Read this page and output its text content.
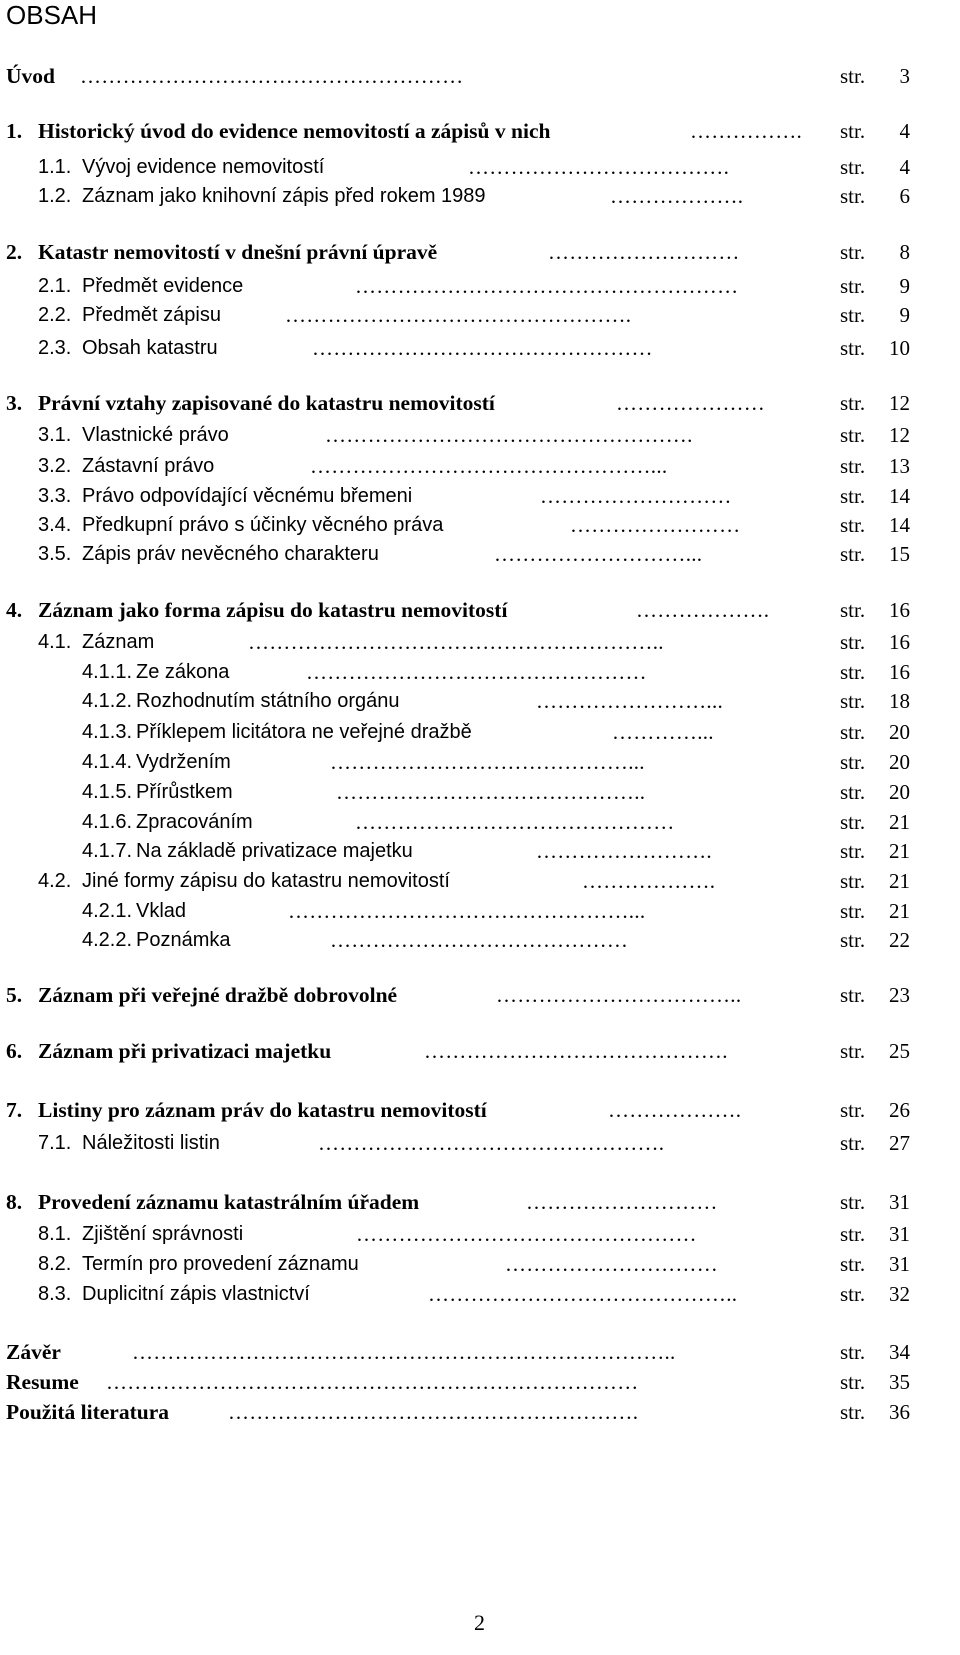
OBSAH
Úvod ………………………………………………	str. 3
1. Historický úvod do evidence nemovitostí a zápisů v nich	……………. str. 4
1.1. Vývoj evidence nemovitostí	……………………………….	str. 4
1.2. Záznam jako knihovní zápis před rokem 1989	……………….	str. 6
2. Katastr nemovitostí v dnešní právní úpravě	………………………	str. 8
2.1. Předmět evidence	………………………………………………	str. 9
2.2. Předmět zápisu	………………………………………….	str. 9
2.3. Obsah katastru	…………………………………………	str. 10
3. Právní vztahy zapisované do katastru nemovitostí	…………………	str. 12
3.1. Vlastnické právo	…………………………………………….	str. 12
3.2. Zástavní právo	…………………………………………...	str. 13
3.3. Právo odpovídající věcnému břemeni	………………………	str. 14
3.4. Předkupní právo s účinky věcného práva	……………………	str. 14
3.5. Zápis práv nevěcného charakteru	………………………...	str. 15
4. Záznam jako forma zápisu do katastru nemovitostí	……………….	str. 16
4.1. Záznam	…………………………………………………..	str. 16
4.1.1. Ze zákona	…………………………………………	str. 16
4.1.2. Rozhodnutím státního orgánu	……………………...	str. 18
4.1.3. Příklepem licitátora ne veřejné dražbě	…………...	str. 20
4.1.4. Vydržením	……………………………………...	str. 20
4.1.5. Přírůstkem	……………………………………..	str. 20
4.1.6. Zpracováním	………………………………………	str. 21
4.1.7. Na základě privatizace majetku	…………………….	str. 21
4.2. Jiné formy zápisu do katastru nemovitostí	……………….	str. 21
4.2.1. Vklad	…………………………………………...	str. 21
4.2.2. Poznámka	……………………………………	str. 22
5. Záznam při veřejné dražbě dobrovolné	……………………………..	str. 23
6. Záznam při privatizaci majetku	…………………………………….	str. 25
7. Listiny pro záznam práv do katastru nemovitostí	……………….	str. 26
7.1. Náležitosti listin	………………………………………….	str. 27
8. Provedení záznamu katastrálním úřadem	………………………	str. 31
8.1. Zjištění správnosti	…………………………………………	str. 31
8.2. Termín pro provedení záznamu	…………………………	str. 31
8.3. Duplicitní zápis vlastnictví	……………………………………..	str. 32
Závěr	…………………………………………………………………..	str. 34
Resume …………………………………………………………………	str. 35
Použitá literatura	………………………………………………….	str. 36
2
